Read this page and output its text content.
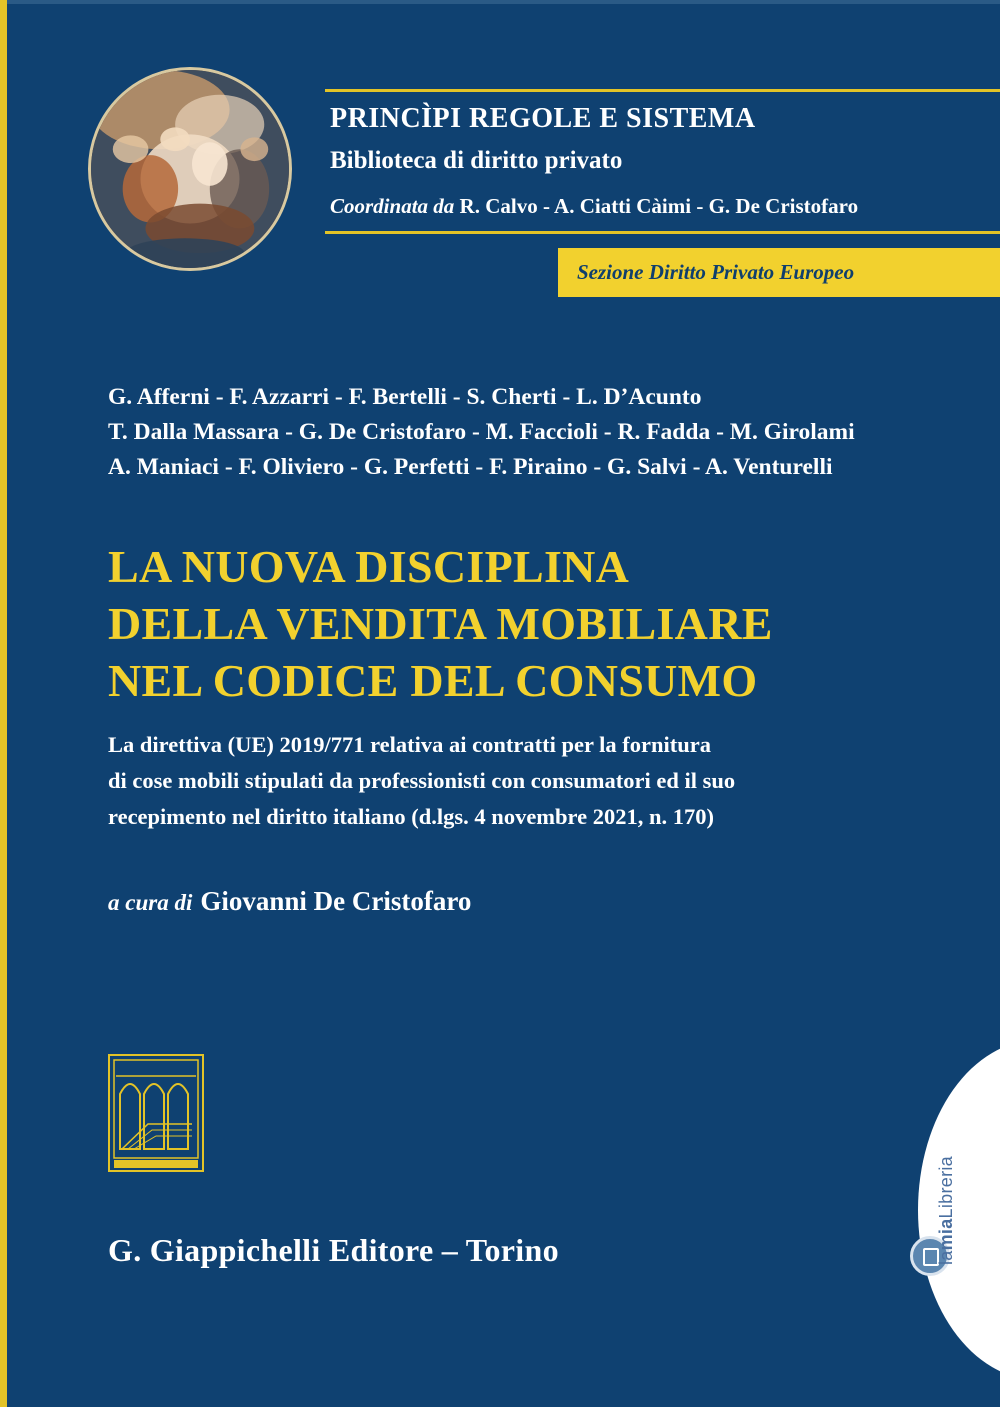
PRINCÌPI REGOLE E SISTEMA
Biblioteca di diritto privato
Coordinata da R. Calvo - A. Ciatti Càimi - G. De Cristofaro
Sezione Diritto Privato Europeo
G. Afferni - F. Azzarri - F. Bertelli - S. Cherti - L. D’Acunto
T. Dalla Massara - G. De Cristofaro - M. Faccioli - R. Fadda - M. Girolami
A. Maniaci - F. Oliviero - G. Perfetti - F. Piraino - G. Salvi - A. Venturelli
LA NUOVA DISCIPLINA
DELLA VENDITA MOBILIARE
NEL CODICE DEL CONSUMO
La direttiva (UE) 2019/771 relativa ai contratti per la fornitura
di cose mobili stipulati da professionisti con consumatori ed il suo
recepimento nel diritto italiano (d.lgs. 4 novembre 2021, n. 170)
a cura di Giovanni De Cristofaro
G. Giappichelli Editore – Torino	lamiaLibreria
